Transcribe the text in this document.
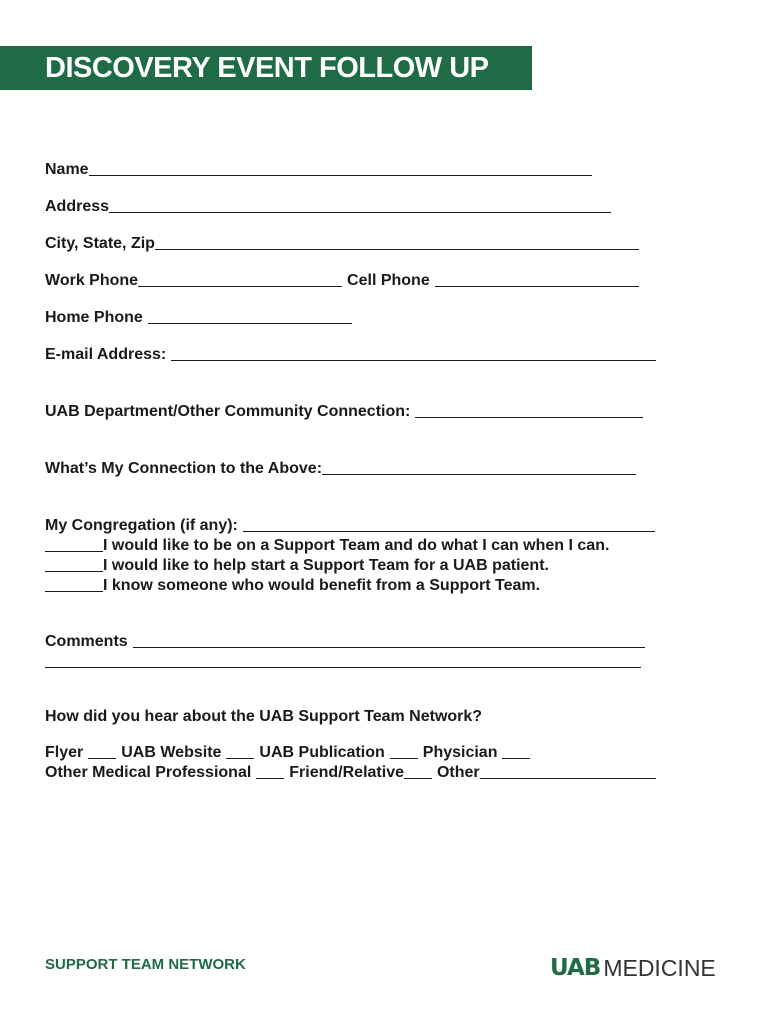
DISCOVERY EVENT FOLLOW UP
Name
Address
City, State, Zip
Work Phone	Cell Phone
Home Phone
E-mail Address:
UAB Department/Other Community Connection:
What’s My Connection to the Above:
My Congregation (if any):
I would like to be on a Support Team and do what I can when I can.
I would like to help start a Support Team for a UAB patient.
I know someone who would benefit from a Support Team.
Comments
How did you hear about the UAB Support Team Network?
Flyer UAB Website UAB Publication Physician
Other Medical Professional Friend/Relative Other
SUPPORT TEAM NETWORK	UAB MEDICINE
